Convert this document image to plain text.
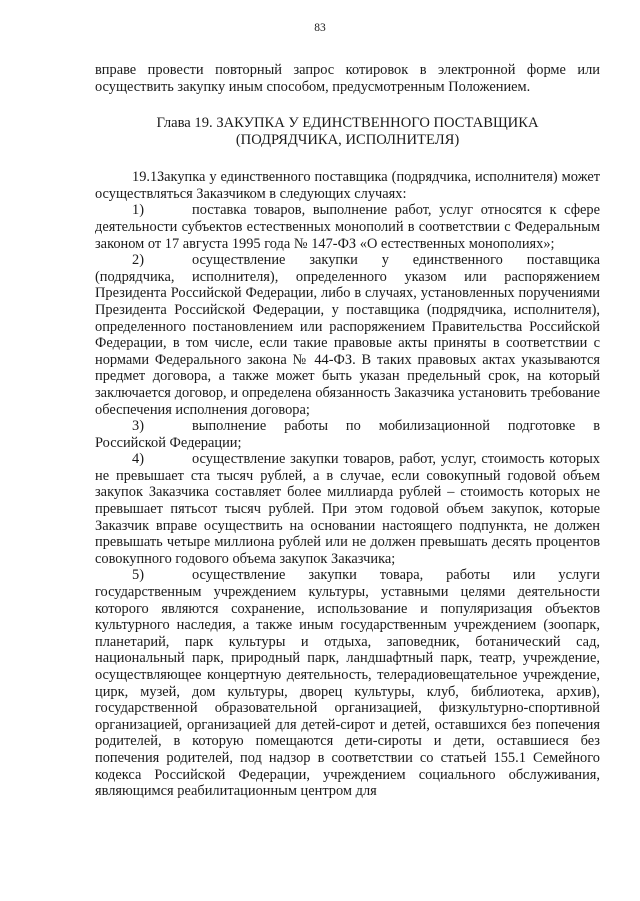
83

вправе провести повторный запрос котировок в электронной форме или осуществить закупку иным способом, предусмотренным Положением.

Глава 19. ЗАКУПКА У ЕДИНСТВЕННОГО ПОСТАВЩИКА
(ПОДРЯДЧИКА, ИСПОЛНИТЕЛЯ)

19.1. Закупка у единственного поставщика (подрядчика, исполнителя) может осуществляться Заказчиком в следующих случаях:

1)	поставка товаров, выполнение работ, услуг относятся к сфере деятельности субъектов естественных монополий в соответствии с Федеральным законом от 17 августа 1995 года № 147-ФЗ «О естественных монополиях»;

2)	осуществление закупки у единственного поставщика (подрядчика, исполнителя), определенного указом или распоряжением Президента Российской Федерации, либо в случаях, установленных поручениями Президента Российской Федерации, у поставщика (подрядчика, исполнителя), определенного постановлением или распоряжением Правительства Российской Федерации, в том числе, если такие правовые акты приняты в соответствии с нормами Федерального закона № 44-ФЗ. В таких правовых актах указываются предмет договора, а также может быть указан предельный срок, на который заключается договор, и определена обязанность Заказчика установить требование обеспечения исполнения договора;

3)	выполнение работы по мобилизационной подготовке в Российской Федерации;

4)	осуществление закупки товаров, работ, услуг, стоимость которых не превышает ста тысяч рублей, а в случае, если совокупный годовой объем закупок Заказчика составляет более миллиарда рублей – стоимость которых не превышает пятьсот тысяч рублей. При этом годовой объем закупок, которые Заказчик вправе осуществить на основании настоящего подпункта, не должен превышать четыре миллиона рублей или не должен превышать десять процентов совокупного годового объема закупок Заказчика;

5)	осуществление закупки товара, работы или услуги государственным учреждением культуры, уставными целями деятельности которого являются сохранение, использование и популяризация объектов культурного наследия, а также иным государственным учреждением (зоопарк, планетарий, парк культуры и отдыха, заповедник, ботанический сад, национальный парк, природный парк, ландшафтный парк, театр, учреждение, осуществляющее концертную деятельность, телерадиовещательное учреждение, цирк, музей, дом культуры, дворец культуры, клуб, библиотека, архив), государственной образовательной организацией, физкультурно-спортивной организацией, организацией для детей-сирот и детей, оставшихся без попечения родителей, в которую помещаются дети-сироты и дети, оставшиеся без попечения родителей, под надзор в соответствии со статьей 155.1 Семейного кодекса Российской Федерации, учреждением социального обслуживания, являющимся реабилитационным центром для
